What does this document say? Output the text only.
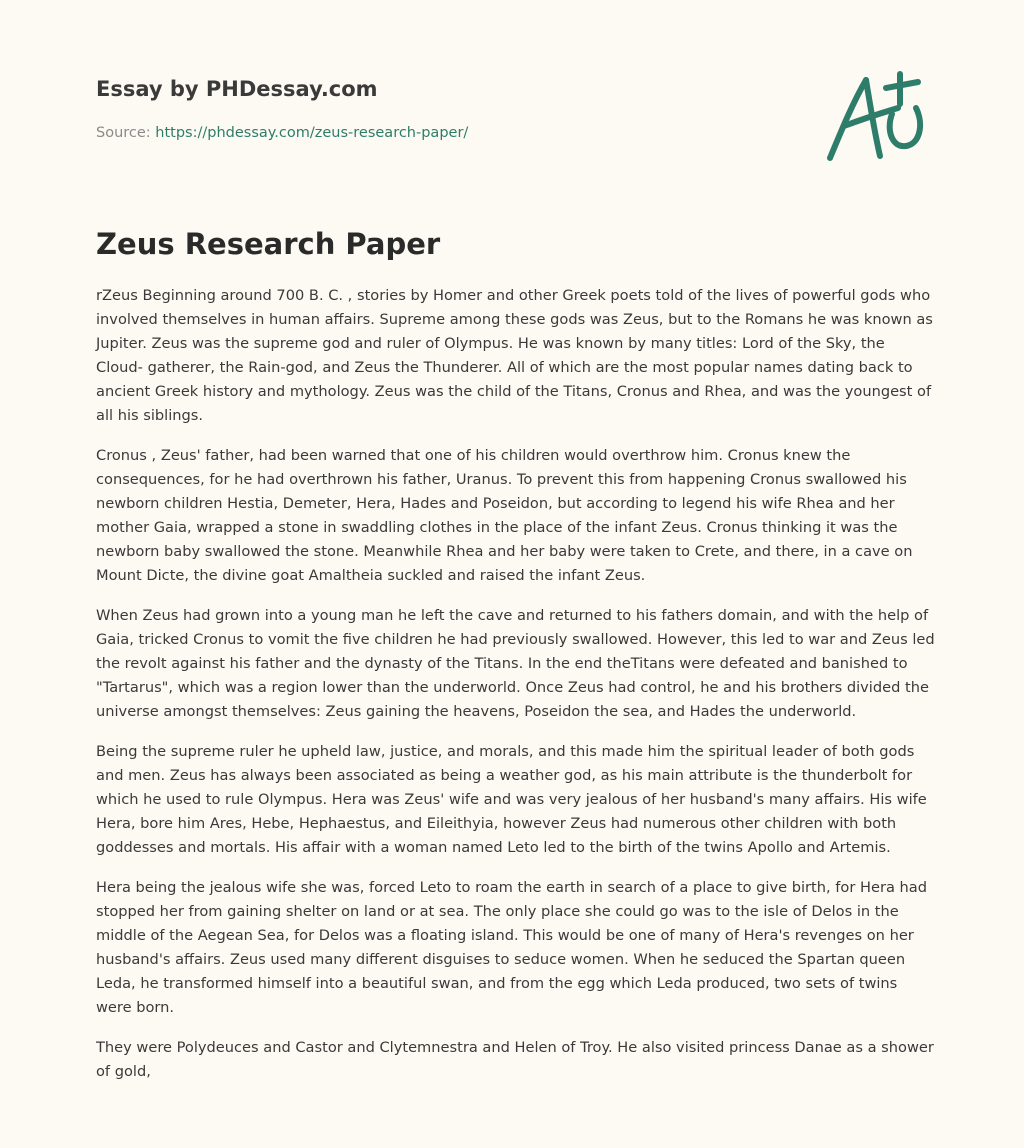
Essay by PHDessay.com
Source: https://phdessay.com/zeus-research-paper/
Zeus Research Paper

rZeus Beginning around 700 B. C. , stories by Homer and other Greek poets told of the lives of powerful gods who involved themselves in human affairs. Supreme among these gods was Zeus, but to the Romans he was known as Jupiter. Zeus was the supreme god and ruler of Olympus. He was known by many titles: Lord of the Sky, the Cloud- gatherer, the Rain-god, and Zeus the Thunderer. All of which are the most popular names dating back to ancient Greek history and mythology. Zeus was the child of the Titans, Cronus and Rhea, and was the youngest of all his siblings.

Cronus , Zeus' father, had been warned that one of his children would overthrow him. Cronus knew the consequences, for he had overthrown his father, Uranus. To prevent this from happening Cronus swallowed his newborn children Hestia, Demeter, Hera, Hades and Poseidon, but according to legend his wife Rhea and her mother Gaia, wrapped a stone in swaddling clothes in the place of the infant Zeus. Cronus thinking it was the newborn baby swallowed the stone. Meanwhile Rhea and her baby were taken to Crete, and there, in a cave on Mount Dicte, the divine goat Amaltheia suckled and raised the infant Zeus.

When Zeus had grown into a young man he left the cave and returned to his fathers domain, and with the help of Gaia, tricked Cronus to vomit the five children he had previously swallowed. However, this led to war and Zeus led the revolt against his father and the dynasty of the Titans. In the end theTitans were defeated and banished to "Tartarus", which was a region lower than the underworld. Once Zeus had control, he and his brothers divided the universe amongst themselves: Zeus gaining the heavens, Poseidon the sea, and Hades the underworld.

Being the supreme ruler he upheld law, justice, and morals, and this made him the spiritual leader of both gods and men. Zeus has always been associated as being a weather god, as his main attribute is the thunderbolt for which he used to rule Olympus. Hera was Zeus' wife and was very jealous of her husband's many affairs. His wife Hera, bore him Ares, Hebe, Hephaestus, and Eileithyia, however Zeus had numerous other children with both goddesses and mortals. His affair with a woman named Leto led to the birth of the twins Apollo and Artemis.

Hera being the jealous wife she was, forced Leto to roam the earth in search of a place to give birth, for Hera had stopped her from gaining shelter on land or at sea. The only place she could go was to the isle of Delos in the middle of the Aegean Sea, for Delos was a floating island. This would be one of many of Hera's revenges on her husband's affairs. Zeus used many different disguises to seduce women. When he seduced the Spartan queen Leda, he transformed himself into a beautiful swan, and from the egg which Leda produced, two sets of twins were born.

They were Polydeuces and Castor and Clytemnestra and Helen of Troy. He also visited princess Danae as a shower of gold,
